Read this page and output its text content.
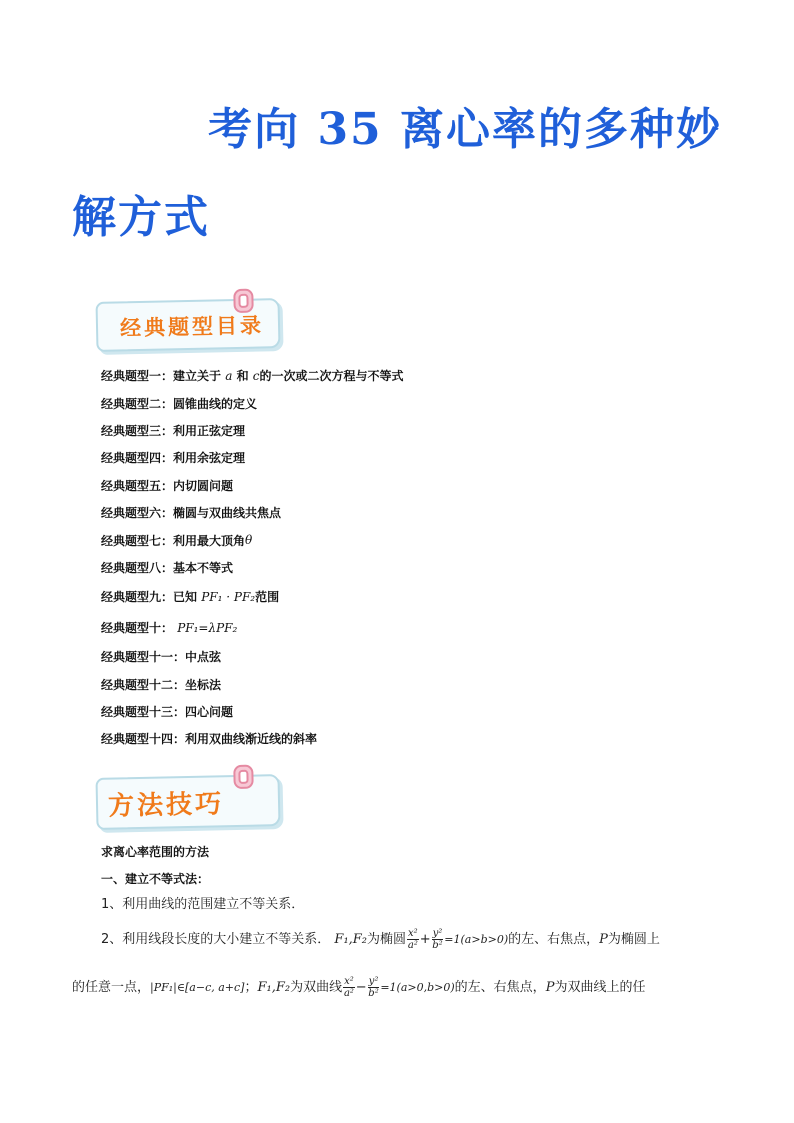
考向 35 离心率的多种妙
解方式
经典题型目录
经典题型一： 建立关于
a
和
c 的一次或二次方程与不等式
经典题型二： 圆锥曲线的定义
经典题型三： 利用正弦定理
经典题型四： 利用余弦定理
经典题型五： 内切圆问题
经典题型六： 椭圆与双曲线共焦点
经典题型七： 利用最大顶角 θ
经典题型八： 基本不等式
经典题型九： 已知
PF₁ · PF₂ 范围
经典题型十：
PF₁=λPF₂
经典题型十一： 中点弦
经典题型十二： 坐标法
经典题型十三： 四心问题
经典题型十四： 利用双曲线渐近线的斜率
方法技巧
求离心率范围的方法
一、建立不等式法：
1、利用曲线的范围建立不等关系．
2、利用线段长度的大小建立不等关系．
F₁,F₂ 为椭圆 $\frac{\text{x²}}{\text{a²}} + \frac{\text{y²}}{\text{b²}} =1(a>b>0)$ 的左、右焦点， P 为椭圆上
的任意一点， |PF₁|∈[a−c, a+c] ； F₁,F₂ 为双曲线 $\frac{\text{x²}}{\text{a²}} - \frac{\text{y²}}{\text{b²}} =1(a>0,b>0)$ 的左、右焦点， P 为双曲线上的任
